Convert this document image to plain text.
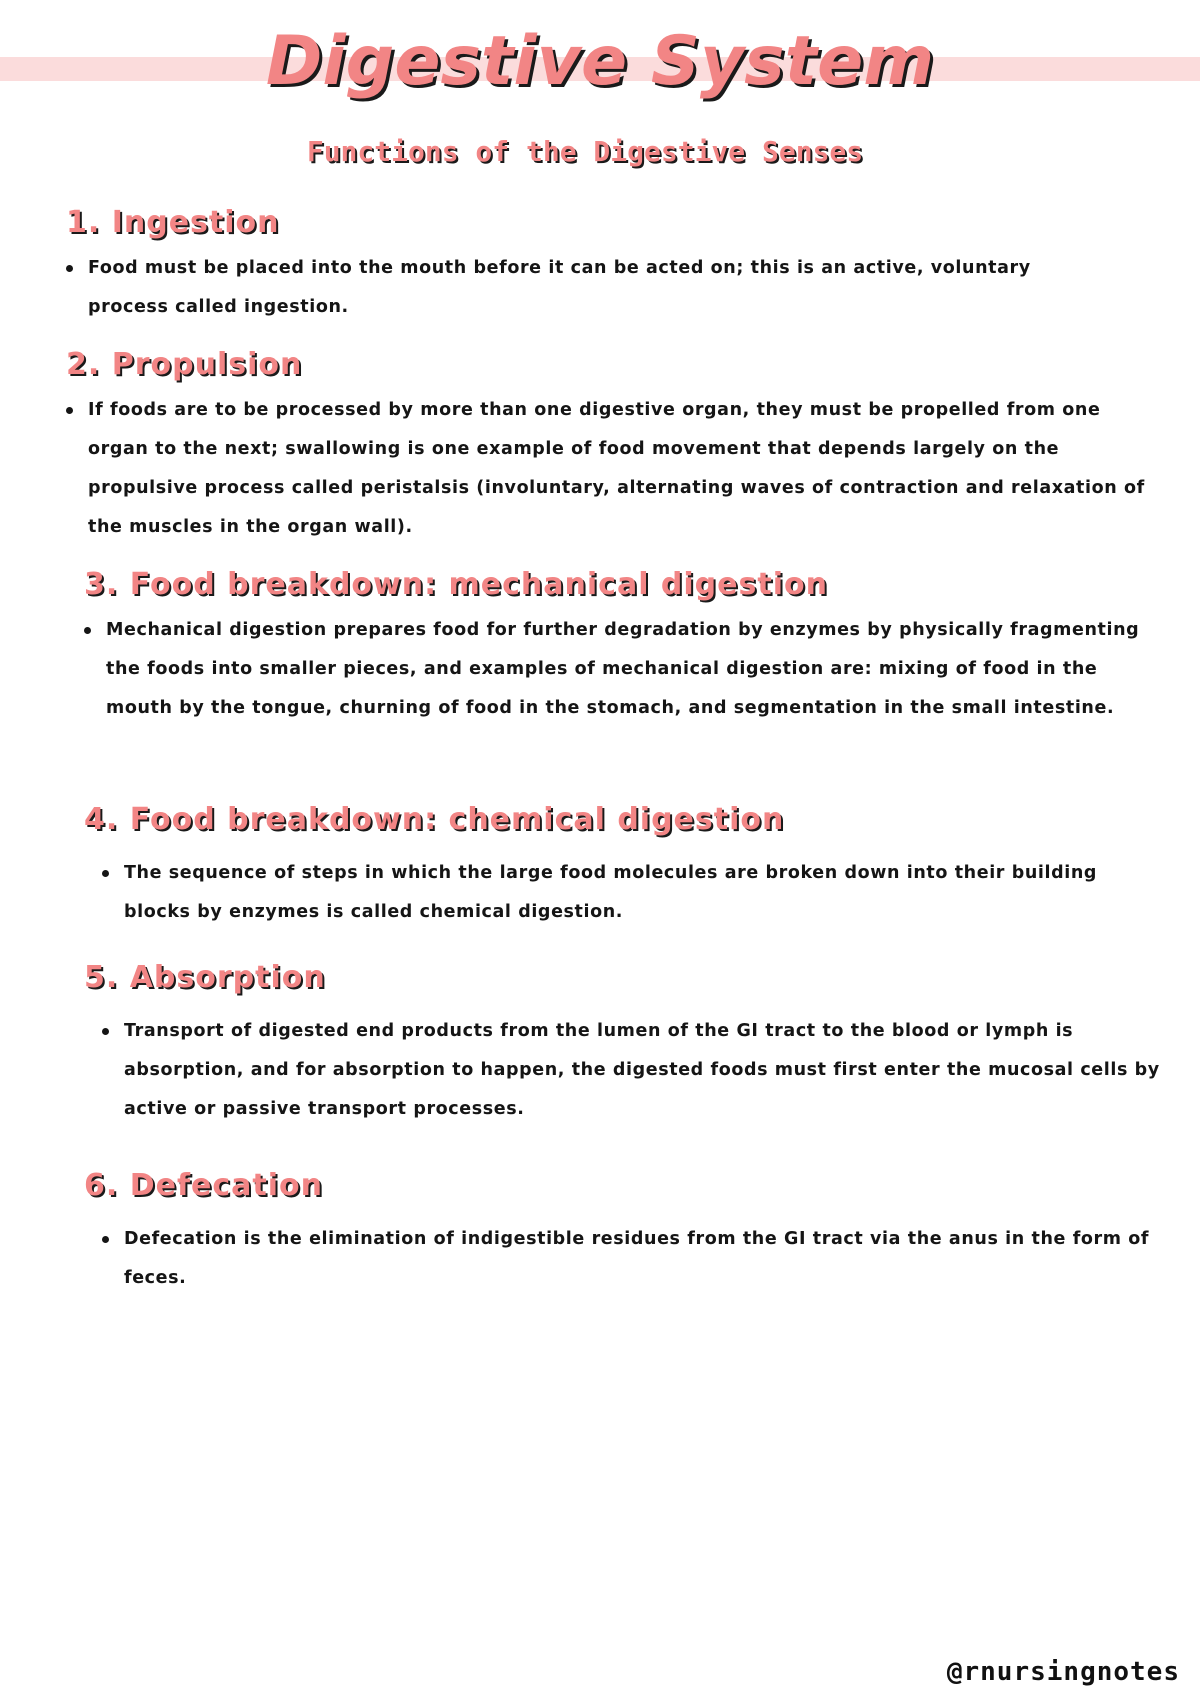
Digestive System
Functions of the Digestive Senses
1. Ingestion
Food must be placed into the mouth before it can be acted on; this is an active, voluntary process called ingestion.
2. Propulsion
If foods are to be processed by more than one digestive organ, they must be propelled from one organ to the next; swallowing is one example of food movement that depends largely on the propulsive process called peristalsis (involuntary, alternating waves of contraction and relaxation of the muscles in the organ wall).
3. Food breakdown: mechanical digestion
Mechanical digestion prepares food for further degradation by enzymes by physically fragmenting the foods into smaller pieces, and examples of mechanical digestion are: mixing of food in the mouth by the tongue, churning of food in the stomach, and segmentation in the small intestine.
4. Food breakdown: chemical digestion
The sequence of steps in which the large food molecules are broken down into their building blocks by enzymes is called chemical digestion.
5. Absorption
Transport of digested end products from the lumen of the GI tract to the blood or lymph is absorption, and for absorption to happen, the digested foods must first enter the mucosal cells by active or passive transport processes.
6. Defecation
Defecation is the elimination of indigestible residues from the GI tract via the anus in the form of feces.
@rnursingnotes
